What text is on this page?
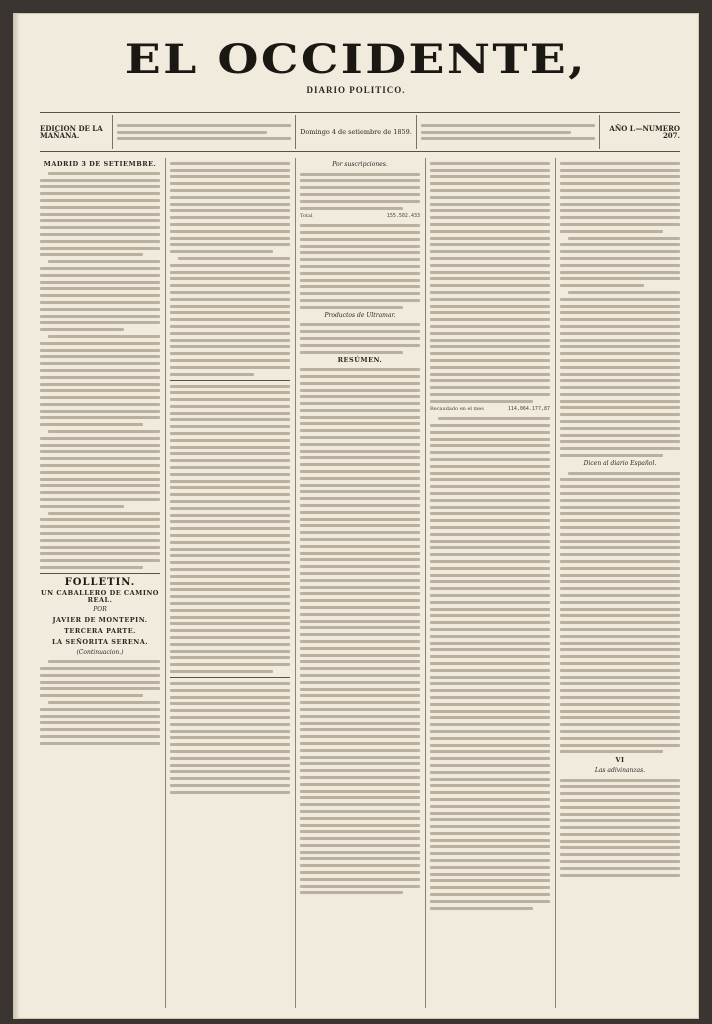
EL OCCIDENTE,
DIARIO POLITICO.
EDICION DE LA MAÑANA.	Domingo 4 de setiembre de 1859.	AÑO I.—NUMERO 207.
MADRID 3 DE SETIEMBRE.
FOLLETIN.
UN CABALLERO DE CAMINO REAL.
POR
JAVIER DE MONTEPIN.
TERCERA PARTE.
LA SEÑORITA SERENA.
(Continuacion.)
Por suscripciones.
Total	155.502.433
Productos de Ultramar.
RESÚMEN.
Recaudado en el mes	114,064.177,87
Dicen al diario Español.
VI
Las adivinanzas.
